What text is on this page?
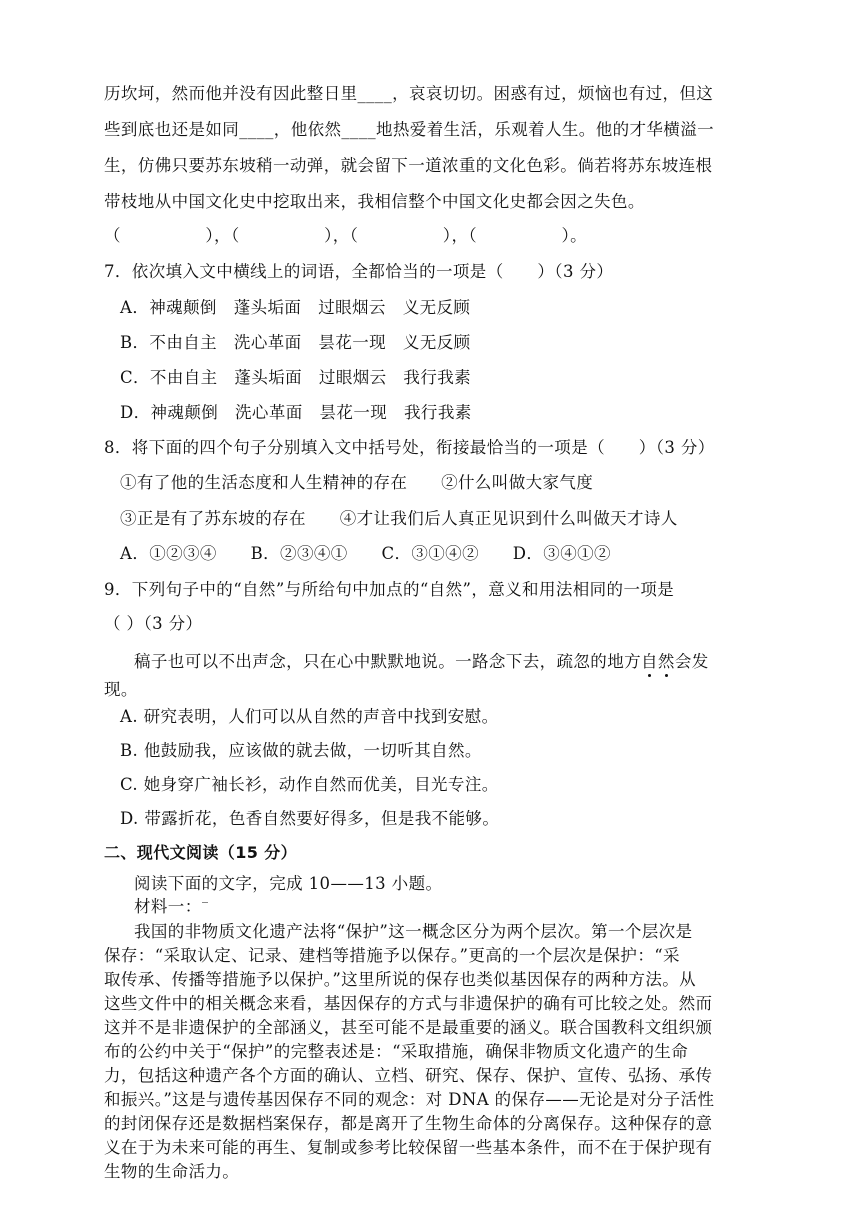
历坎坷，然而他并没有因此整日里____，哀哀切切。困惑有过，烦恼也有过，但这
些到底也还是如同____，他依然____地热爱着生活，乐观着人生。他的才华横溢一
生，仿佛只要苏东坡稍一动弹，就会留下一道浓重的文化色彩。倘若将苏东坡连根
带枝地从中国文化史中挖取出来，我相信整个中国文化史都会因之失色。
（　　　　　），（　　　　　），（　　　　　），（　　　　　）。
7．依次填入文中横线上的词语，全都恰当的一项是（　　）（3 分）
A．神魂颠倒　蓬头垢面　过眼烟云　义无反顾
B．不由自主　洗心革面　昙花一现　义无反顾
C．不由自主　蓬头垢面　过眼烟云　我行我素
D．神魂颠倒　洗心革面　昙花一现　我行我素
8．将下面的四个句子分别填入文中括号处，衔接最恰当的一项是（　　）（3 分）
①有了他的生活态度和人生精神的存在　　②什么叫做大家气度
③正是有了苏东坡的存在　　④才让我们后人真正见识到什么叫做天才诗人
A．①②③④　　B．②③④①　　C．③①④②　　D．③④①②
9．下列句子中的“自然”与所给句中加点的“自然”，意义和用法相同的一项是
（ ）（3 分）
稿子也可以不出声念，只在心中默默地说。一路念下去，疏忽的地方自然会发
现。
A. 研究表明，人们可以从自然的声音中找到安慰。
B. 他鼓励我，应该做的就去做，一切听其自然。
C. 她身穿广袖长衫，动作自然而优美，目光专注。
D. 带露折花，色香自然要好得多，但是我不能够。
二、现代文阅读（15 分）
阅读下面的文字，完成 10——13 小题。
材料一：
我国的非物质文化遗产法将“保护”这一概念区分为两个层次。第一个层次是
保存：“采取认定、记录、建档等措施予以保存。”更高的一个层次是保护：“采
取传承、传播等措施予以保护。”这里所说的保存也类似基因保存的两种方法。从
这些文件中的相关概念来看，基因保存的方式与非遗保护的确有可比较之处。然而
这并不是非遗保护的全部涵义，甚至可能不是最重要的涵义。联合国教科文组织颁
布的公约中关于“保护”的完整表述是：“采取措施，确保非物质文化遗产的生命
力，包括这种遗产各个方面的确认、立档、研究、保存、保护、宣传、弘扬、承传
和振兴。”这是与遗传基因保存不同的观念：对 DNA 的保存——无论是对分子活性
的封闭保存还是数据档案保存，都是离开了生物生命体的分离保存。这种保存的意
义在于为未来可能的再生、复制或参考比较保留一些基本条件，而不在于保护现有
生物的生命活力。
